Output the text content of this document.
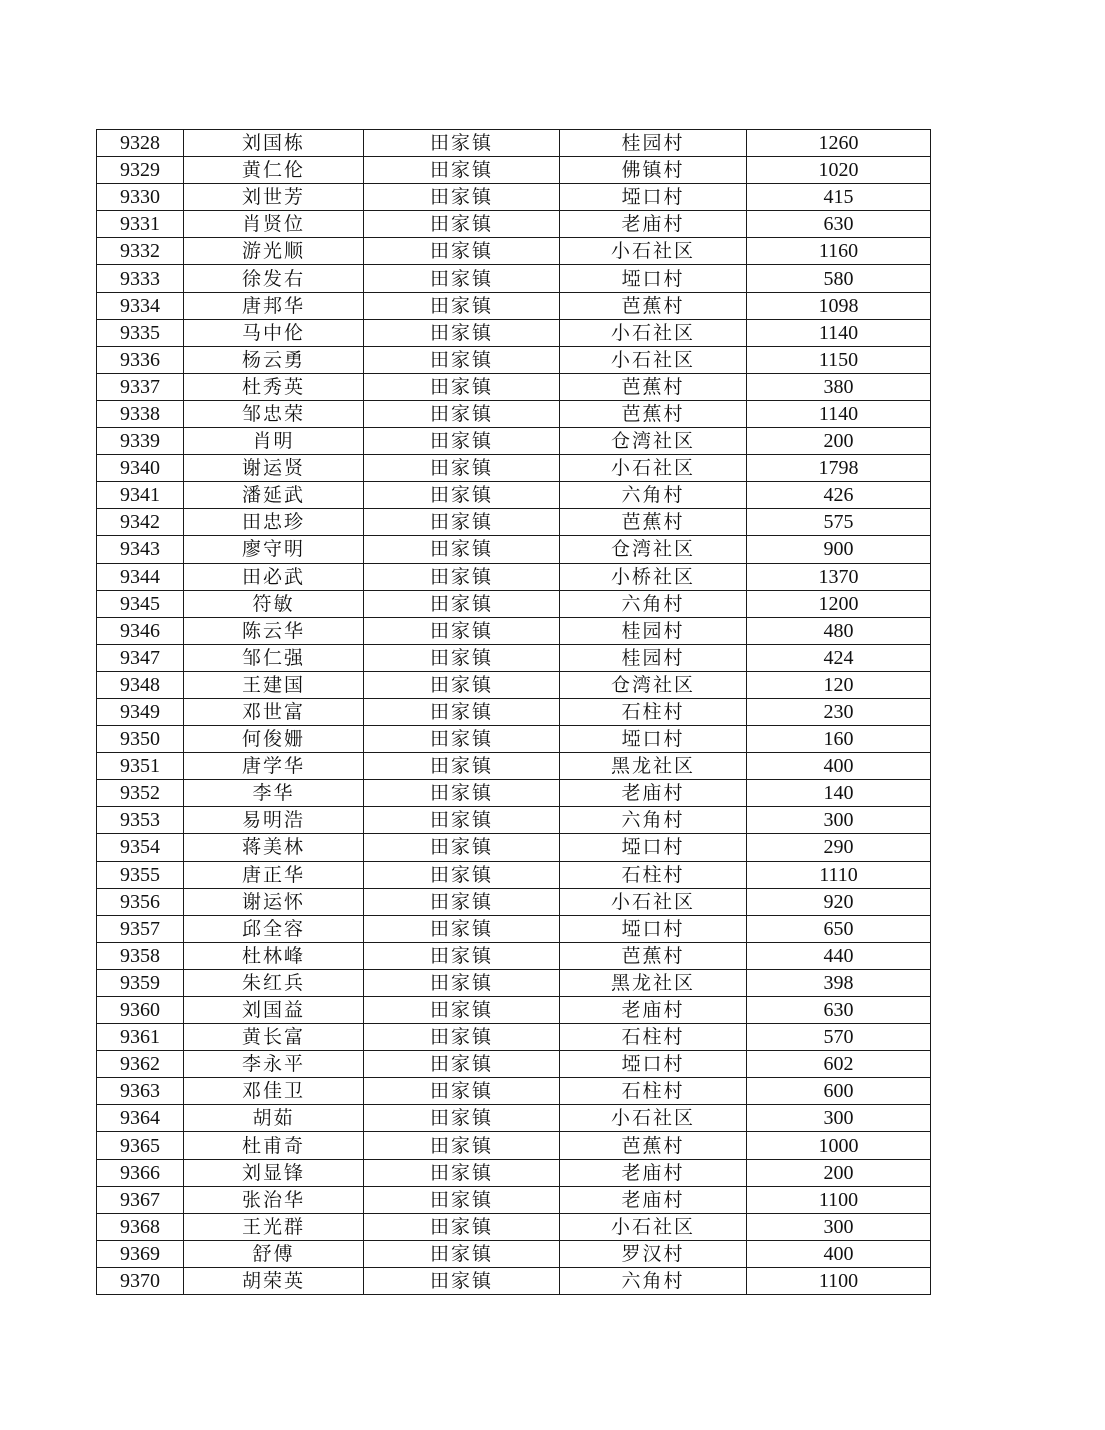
9328	刘国栋	田家镇	桂园村	1260
9329	黄仁伦	田家镇	佛镇村	1020
9330	刘世芳	田家镇	埡口村	415
9331	肖贤位	田家镇	老庙村	630
9332	游光顺	田家镇	小石社区	1160
9333	徐发右	田家镇	埡口村	580
9334	唐邦华	田家镇	芭蕉村	1098
9335	马中伦	田家镇	小石社区	1140
9336	杨云勇	田家镇	小石社区	1150
9337	杜秀英	田家镇	芭蕉村	380
9338	邹忠荣	田家镇	芭蕉村	1140
9339	肖明	田家镇	仓湾社区	200
9340	谢运贤	田家镇	小石社区	1798
9341	潘延武	田家镇	六角村	426
9342	田忠珍	田家镇	芭蕉村	575
9343	廖守明	田家镇	仓湾社区	900
9344	田必武	田家镇	小桥社区	1370
9345	符敏	田家镇	六角村	1200
9346	陈云华	田家镇	桂园村	480
9347	邹仁强	田家镇	桂园村	424
9348	王建国	田家镇	仓湾社区	120
9349	邓世富	田家镇	石柱村	230
9350	何俊姗	田家镇	埡口村	160
9351	唐学华	田家镇	黑龙社区	400
9352	李华	田家镇	老庙村	140
9353	易明浩	田家镇	六角村	300
9354	蒋美林	田家镇	埡口村	290
9355	唐正华	田家镇	石柱村	1110
9356	谢运怀	田家镇	小石社区	920
9357	邱全容	田家镇	埡口村	650
9358	杜林峰	田家镇	芭蕉村	440
9359	朱红兵	田家镇	黑龙社区	398
9360	刘国益	田家镇	老庙村	630
9361	黄长富	田家镇	石柱村	570
9362	李永平	田家镇	埡口村	602
9363	邓佳卫	田家镇	石柱村	600
9364	胡茹	田家镇	小石社区	300
9365	杜甫奇	田家镇	芭蕉村	1000
9366	刘显锋	田家镇	老庙村	200
9367	张治华	田家镇	老庙村	1100
9368	王光群	田家镇	小石社区	300
9369	舒傅	田家镇	罗汉村	400
9370	胡荣英	田家镇	六角村	1100
